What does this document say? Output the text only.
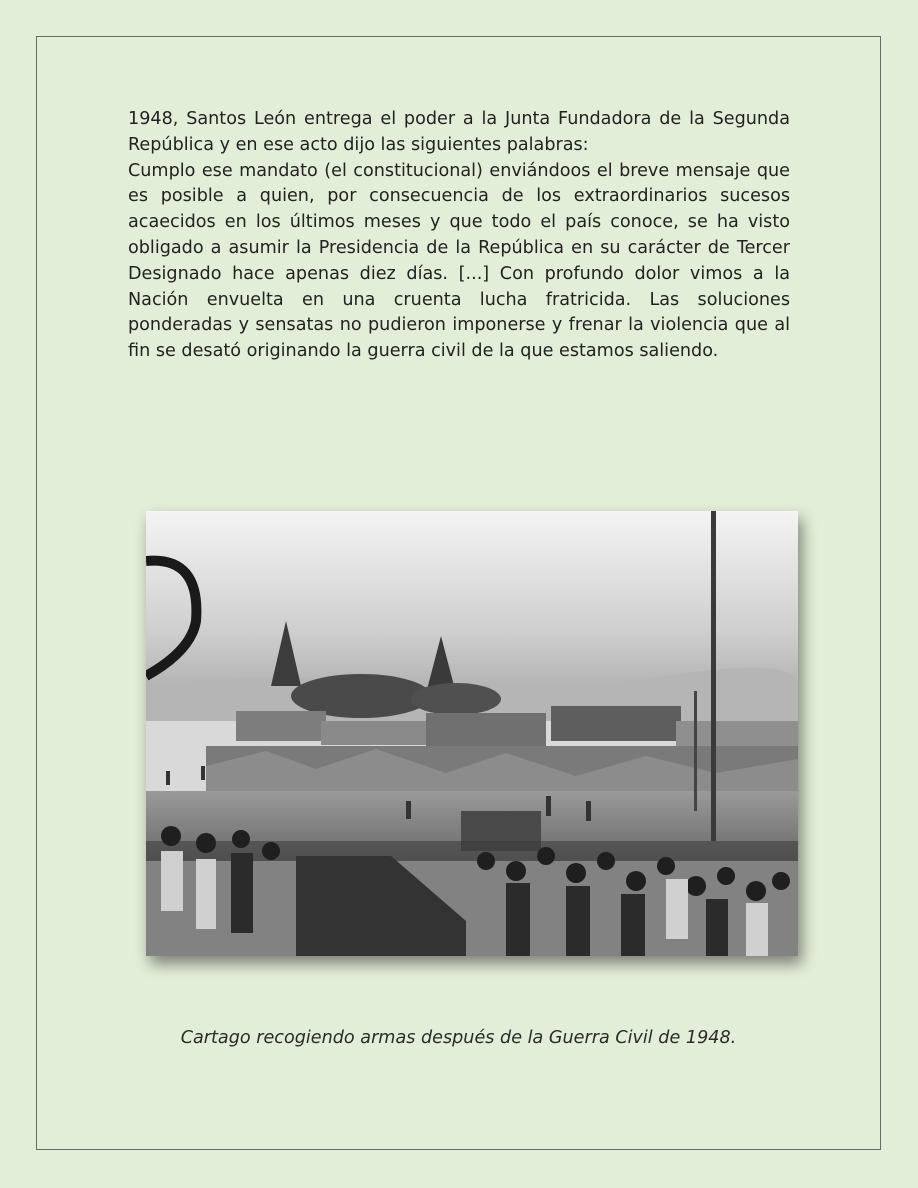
1948, Santos León entrega el poder a la Junta Fundadora de la Segunda República y en ese acto dijo las siguientes palabras:
Cumplo ese mandato (el constitucional) enviándoos el breve mensaje que es posible a quien, por consecuencia de los extraordinarios sucesos acaecidos en los últimos meses y que todo el país conoce, se ha visto obligado a asumir la Presidencia de la República en su carácter de Tercer Designado hace apenas diez días. [...] Con profundo dolor vimos a la Nación envuelta en una cruenta lucha fratricida. Las soluciones ponderadas y sensatas no pudieron imponerse y frenar la violencia que al fin se desató originando la guerra civil de la que estamos saliendo.

Cartago recogiendo armas después de la Guerra Civil de 1948.
